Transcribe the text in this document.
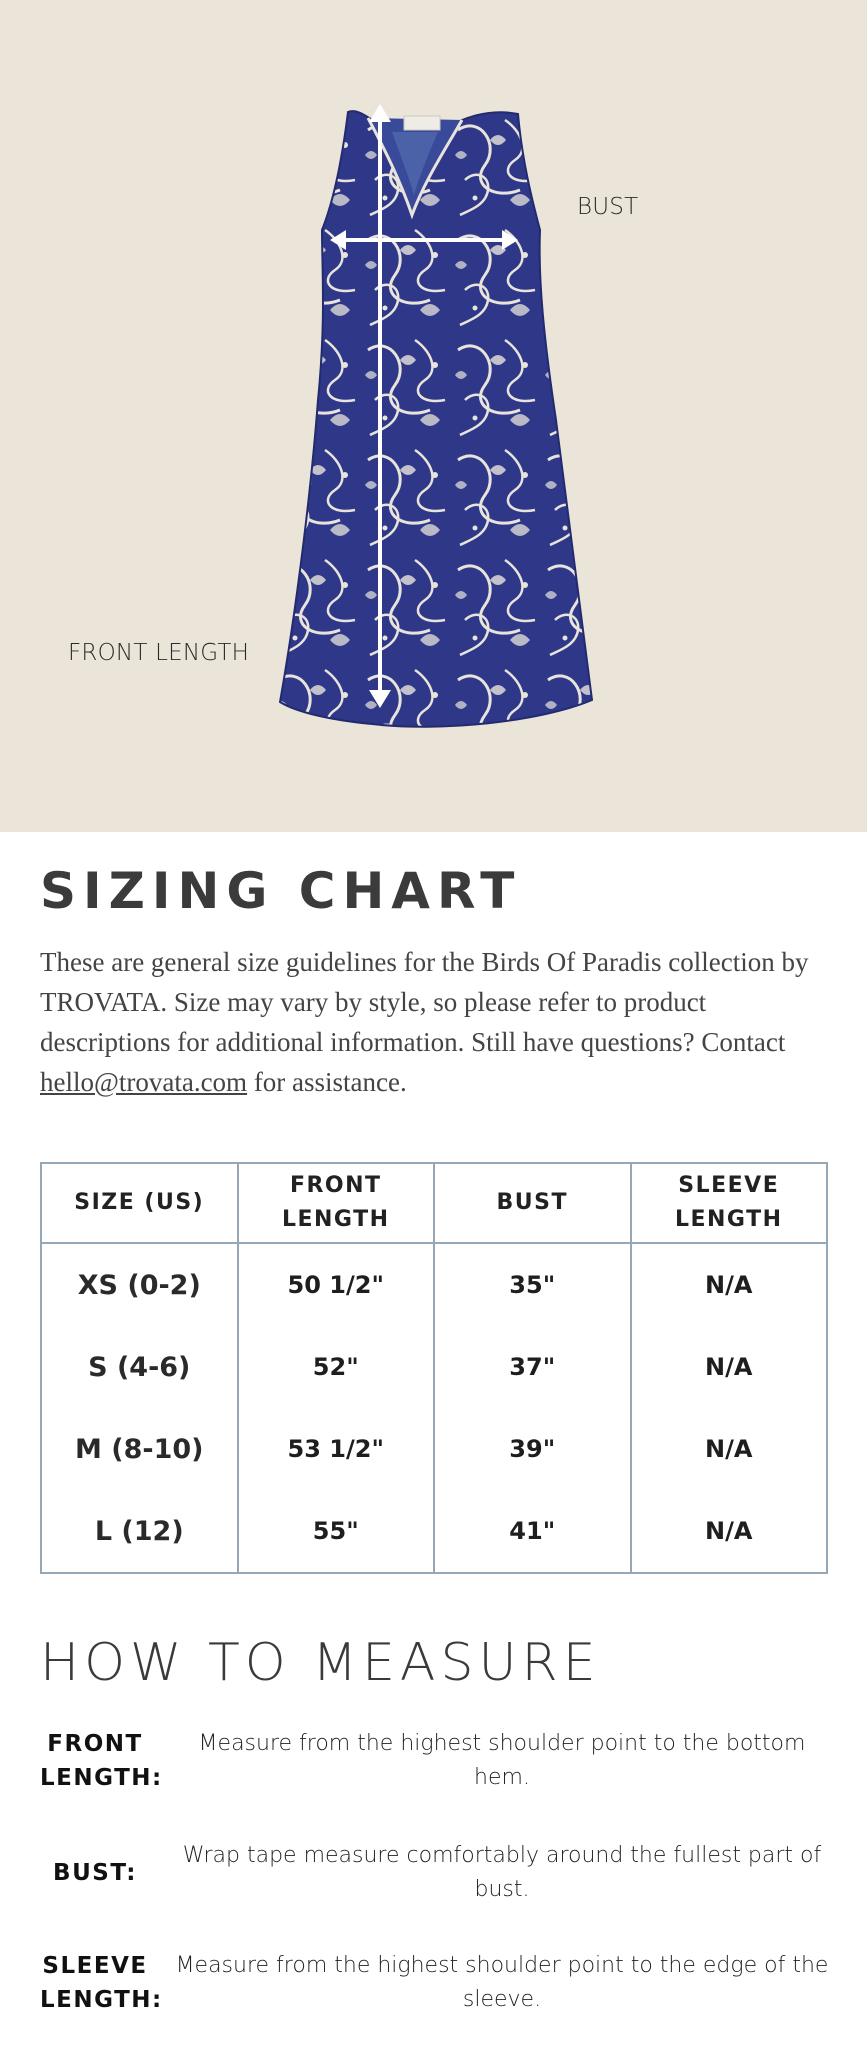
BUST
FRONT LENGTH
SIZING CHART

These are general size guidelines for the Birds Of Paradis collection by TROVATA. Size may vary by style, so please refer to product descriptions for additional information. Still have questions? Contact hello@trovata.com for assistance.

SIZE (US)	FRONT LENGTH	BUST	SLEEVE LENGTH
XS (0-2)	50 1/2"	35"	N/A
S (4-6)	52"	37"	N/A
M (8-10)	53 1/2"	39"	N/A
L (12)	55"	41"	N/A
HOW TO MEASURE
FRONT LENGTH:
Measure from the highest shoulder point to the bottom hem.
BUST:
Wrap tape measure comfortably around the fullest part of bust.
SLEEVE LENGTH:
Measure from the highest shoulder point to the edge of the sleeve.
